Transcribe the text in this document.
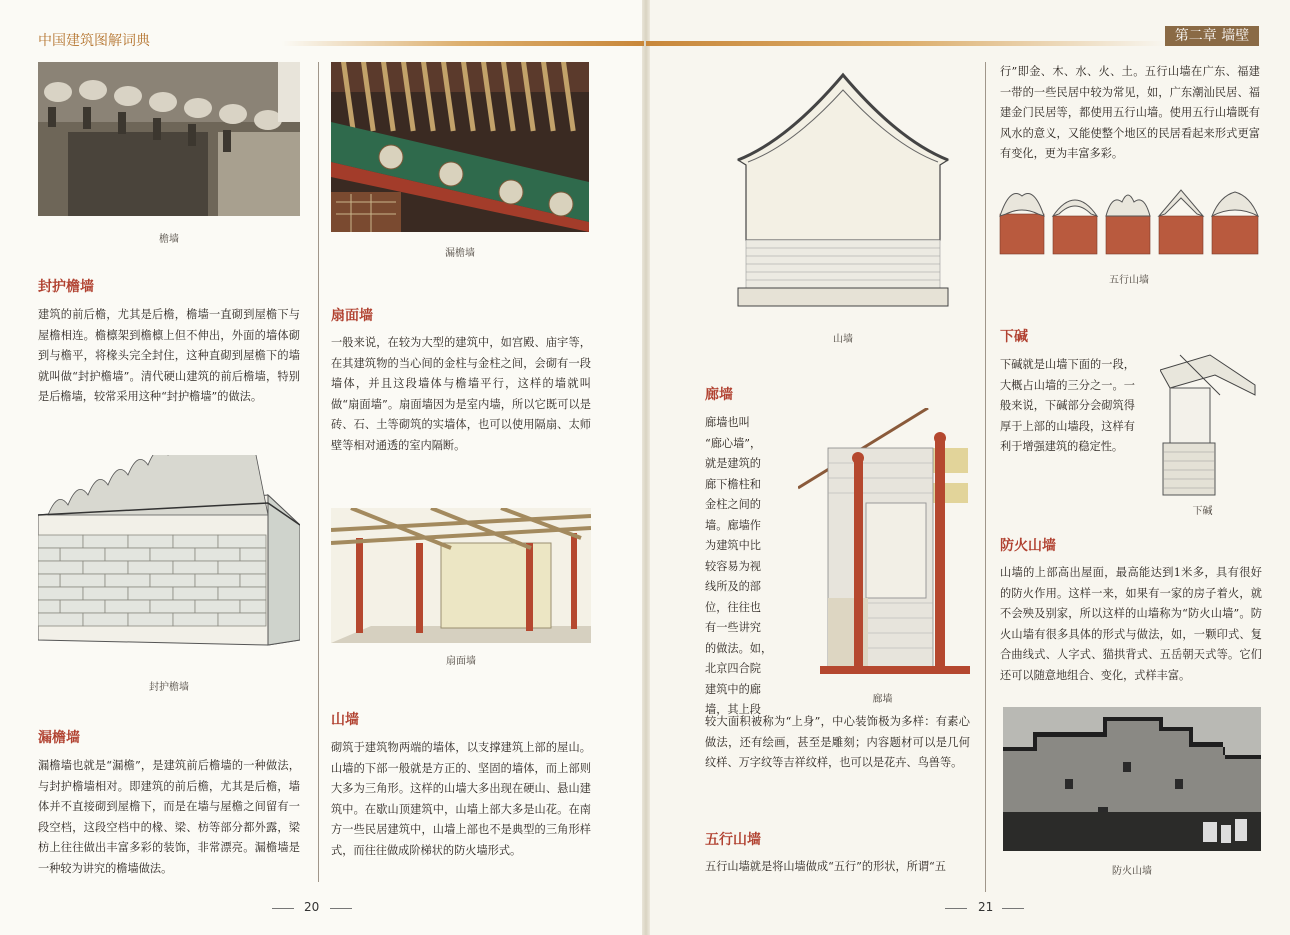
中国建筑图解词典	第二章 墙壁
檐墙
封护檐墙
建筑的前后檐，尤其是后檐，檐墙一直砌到屋檐下与屋檐相连。檐檩架到檐檩上但不伸出，外面的墙体砌到与檐平，将椽头完全封住，这种直砌到屋檐下的墙就叫做“封护檐墙”。清代硬山建筑的前后檐墙，特别是后檐墙，较常采用这种“封护檐墙”的做法。
封护檐墙
漏檐墙
漏檐墙也就是“漏檐”，是建筑前后檐墙的一种做法，与封护檐墙相对。即建筑的前后檐，尤其是后檐，墙体并不直接砌到屋檐下，而是在墙与屋檐之间留有一段空档，这段空档中的椽、梁、枋等部分都外露，梁枋上往往做出丰富多彩的装饰，非常漂亮。漏檐墙是一种较为讲究的檐墙做法。
漏檐墙
扇面墙
一般来说，在较为大型的建筑中，如宫殿、庙宇等，在其建筑物的当心间的金柱与金柱之间，会砌有一段墙体，并且这段墙体与檐墙平行，这样的墙就叫做“扇面墙”。扇面墙因为是室内墙，所以它既可以是砖、石、土等砌筑的实墙体，也可以使用隔扇、太师壁等相对通透的室内隔断。
扇面墙
山墙
砌筑于建筑物两端的墙体，以支撑建筑上部的屋山。山墙的下部一般就是方正的、坚固的墙体，而上部则大多为三角形。这样的山墙大多出现在硬山、悬山建筑中。在歇山顶建筑中，山墙上部大多是山花。在南方一些民居建筑中，山墙上部也不是典型的三角形样式，而往往做成阶梯状的防火墙形式。
20
山墙
廊墙
廊墙也叫
“廊心墙”，
就是建筑的
廊下檐柱和
金柱之间的
墙。廊墙作
为建筑中比
较容易为视
线所及的部
位，往往也
有一些讲究
的做法。如，
北京四合院
建筑中的廊
墙，其上段
廊墙
较大面积被称为“上身”，中心装饰极为多样：有素心做法，还有绘画，甚至是雕刻；内容题材可以是几何纹样、万字纹等吉祥纹样，也可以是花卉、鸟兽等。
五行山墙
五行山墙就是将山墙做成“五行”的形状，所谓“五
行”即金、木、水、火、土。五行山墙在广东、福建一带的一些民居中较为常见，如，广东潮汕民居、福建金门民居等，都使用五行山墙。使用五行山墙既有风水的意义，又能使整个地区的民居看起来形式更富有变化，更为丰富多彩。
五行山墙
下碱
下碱就是山墙下面的一段，大概占山墙的三分之一。一般来说，下碱部分会砌筑得厚于上部的山墙段，这样有利于增强建筑的稳定性。
下碱
防火山墙
山墙的上部高出屋面，最高能达到1米多，具有很好的防火作用。这样一来，如果有一家的房子着火，就不会殃及别家，所以这样的山墙称为“防火山墙”。防火山墙有很多具体的形式与做法，如，一颗印式、复合曲线式、人字式、猫拱背式、五岳朝天式等。它们还可以随意地组合、变化，式样丰富。
防火山墙
21
